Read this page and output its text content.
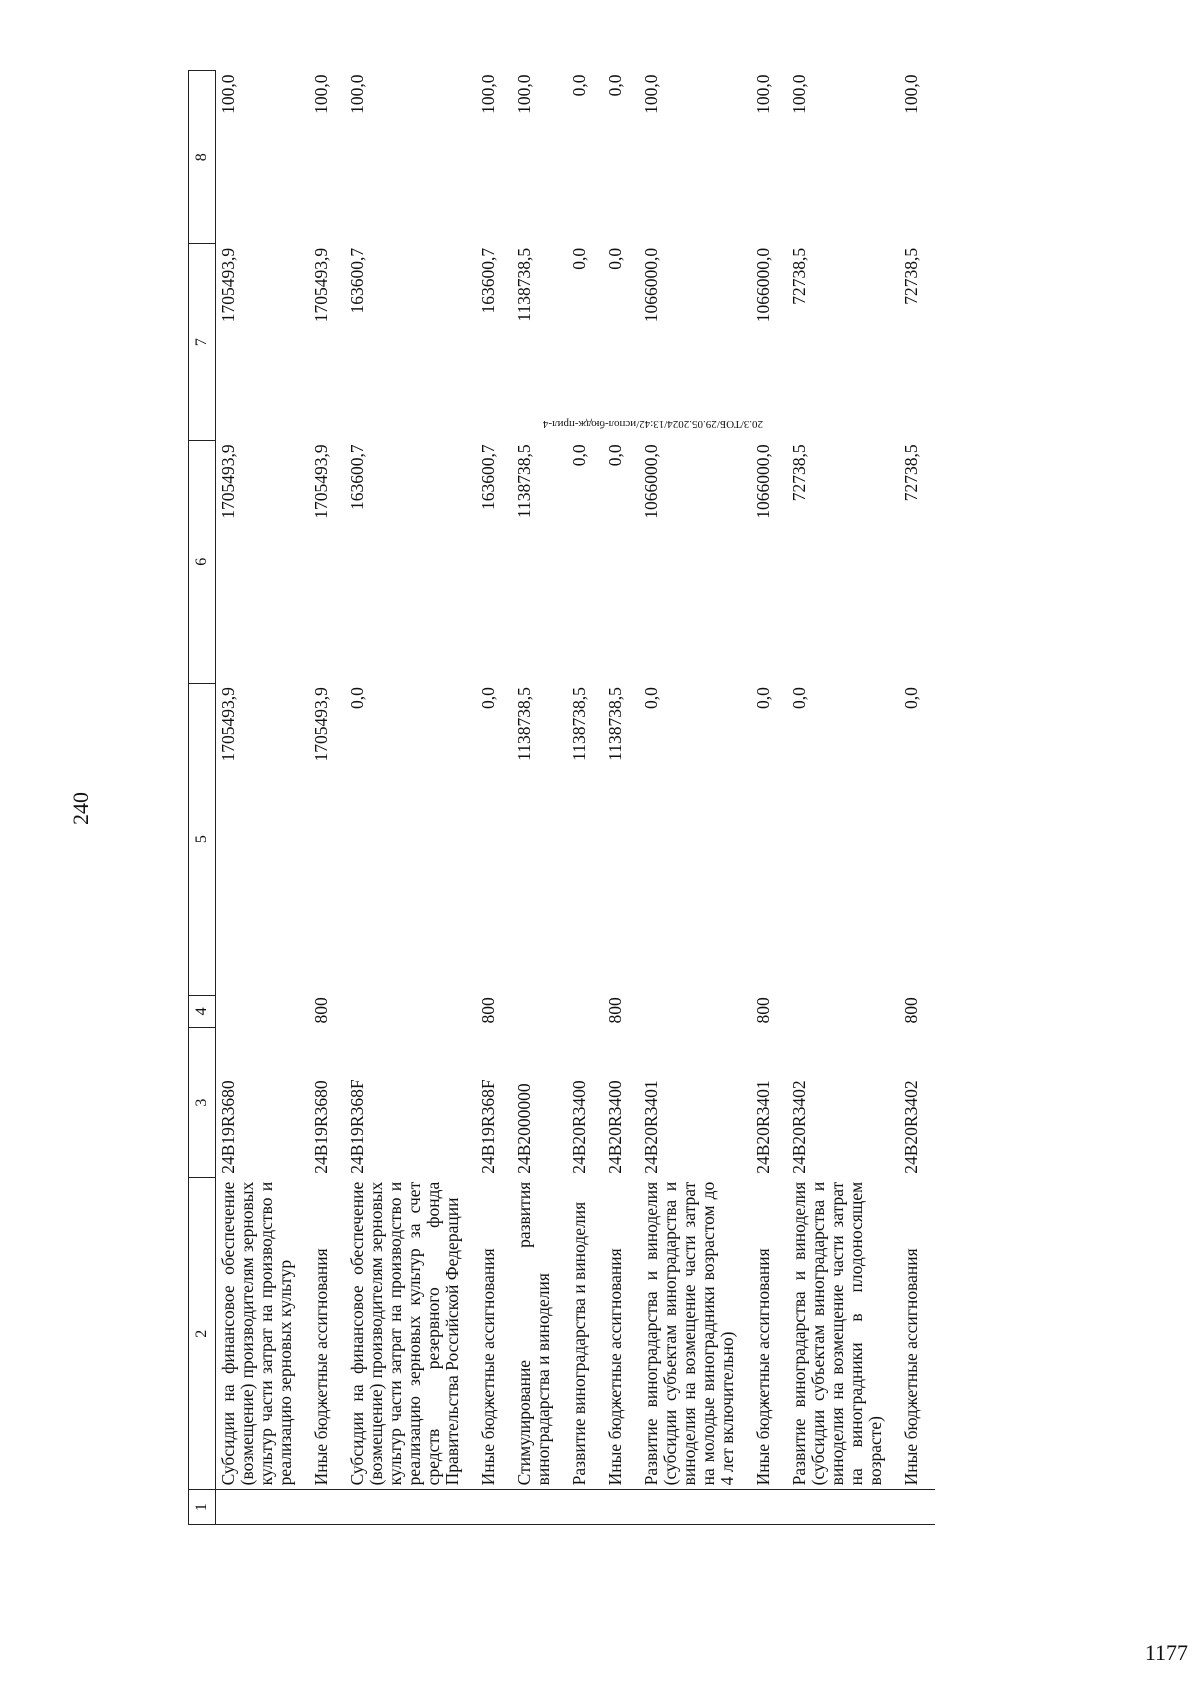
240
1	2	3	4	5	6	7	8
	Субсидии на финансовое обеспечение (возмещение) производителям зерновых культур части затрат на производство и реализацию зерновых культур	24В19R3680		1705493,9	1705493,9	1705493,9	100,0
	Иные бюджетные ассигнования	24В19R3680	800	1705493,9	1705493,9	1705493,9	100,0
	Субсидии на финансовое обеспечение (возмещение) производителям зерновых культур части затрат на производство и реализацию зерновых культур за счет средств резервного фонда Правительства Российской Федерации	24В19R368F		0,0	163600,7	163600,7	100,0
	Иные бюджетные ассигнования	24В19R368F	800	0,0	163600,7	163600,7	100,0
	Стимулирование развития виноградарства и виноделия	24В2000000		1138738,5	1138738,5	1138738,5	100,0
	Развитие виноградарства и виноделия	24В20R3400		1138738,5	0,0	0,0	0,0
	Иные бюджетные ассигнования	24В20R3400	800	1138738,5	0,0	0,0	0,0
	Развитие виноградарства и виноделия (субсидии субъектам виноградарства и виноделия на возмещение части затрат на молодые виноградники возрастом до 4 лет включительно)	24В20R3401		0,0	1066000,0	1066000,0	100,0
	Иные бюджетные ассигнования	24В20R3401	800	0,0	1066000,0	1066000,0	100,0
	Развитие виноградарства и виноделия (субсидии субъектам виноградарства и виноделия на возмещение части затрат на виноградники в плодоносящем возрасте)	24В20R3402		0,0	72738,5	72738,5	100,0
	Иные бюджетные ассигнования	24В20R3402	800	0,0	72738,5	72738,5	100,0
20.3/ТОБ/29.05.2024/13:42/испол-бюдж-прил-4
1177
